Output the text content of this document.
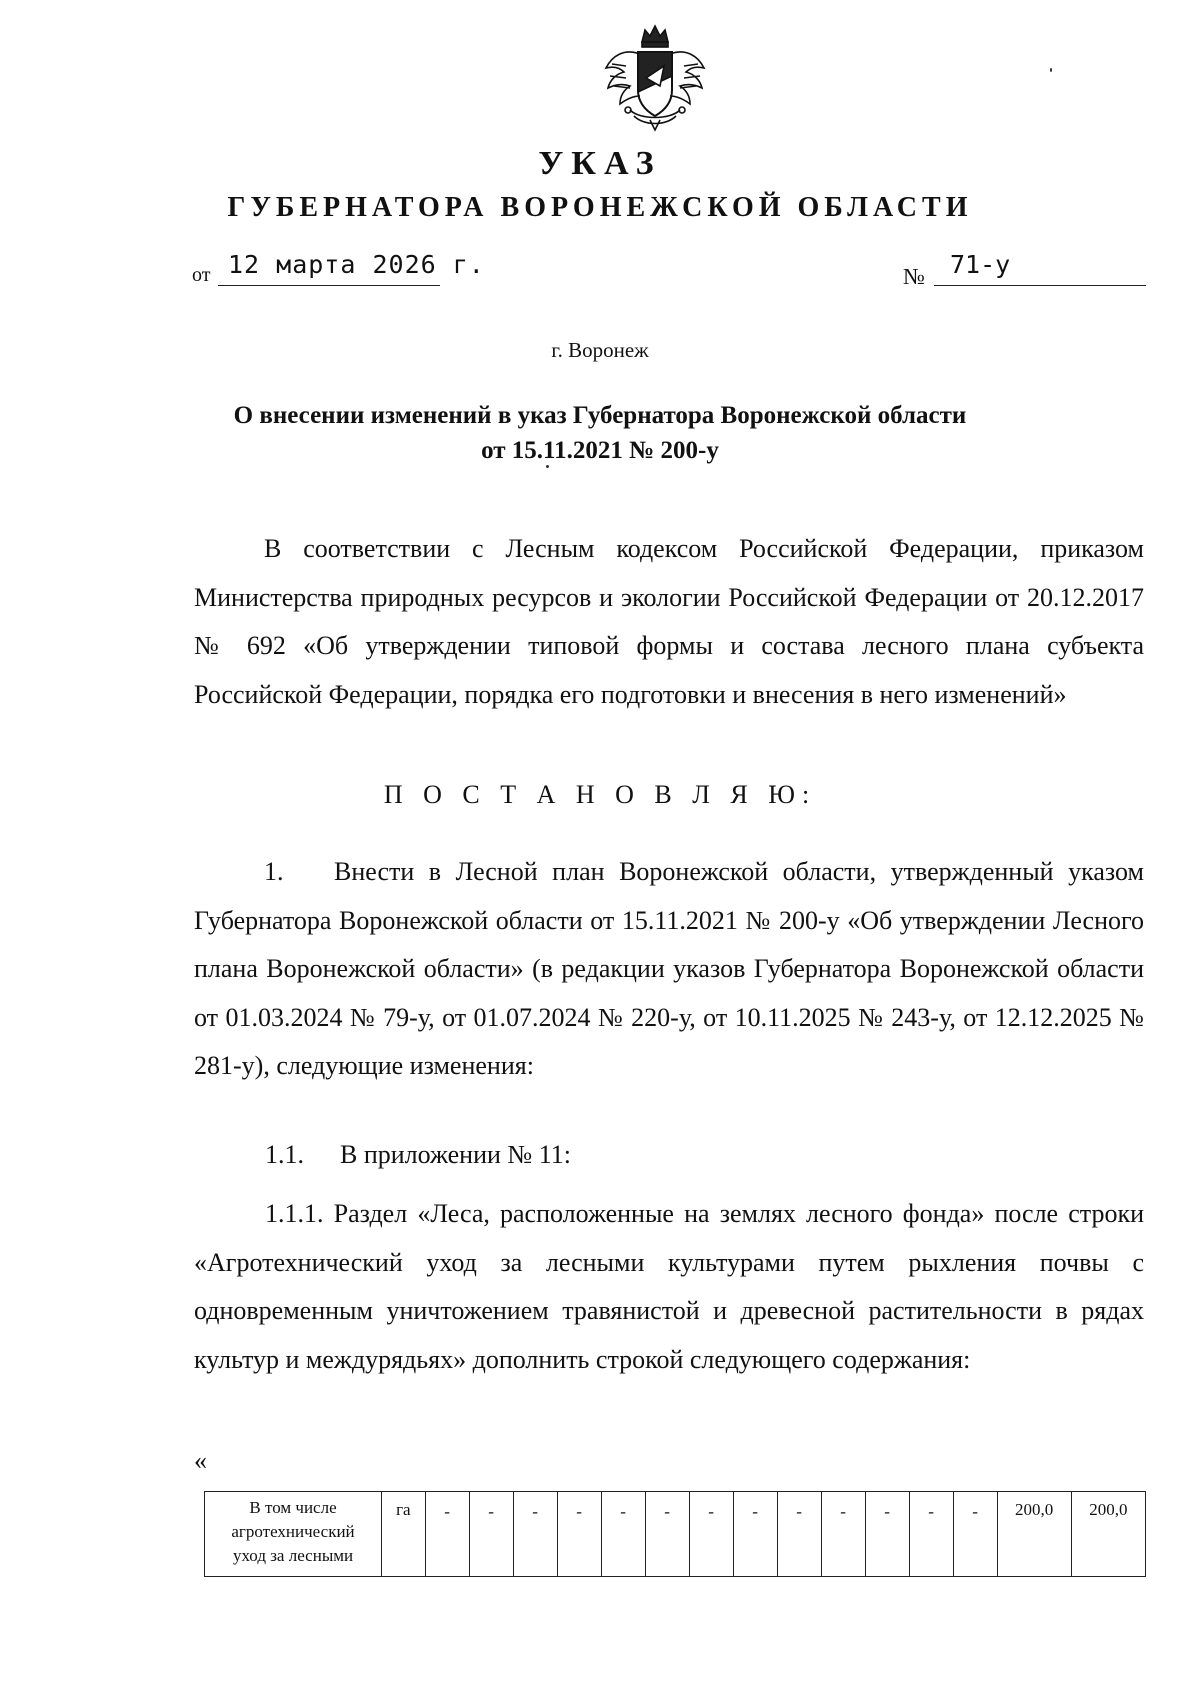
УКАЗ
ГУБЕРНАТОРА ВОРОНЕЖСКОЙ ОБЛАСТИ
от 12 марта 2026 г.	№ 71-у
г. Воронеж
О внесении изменений в указ Губернатора Воронежской области
от 15.11.2021 № 200-у
В соответствии с Лесным кодексом Российской Федерации, приказом Министерства природных ресурсов и экологии Российской Федерации от 20.12.2017 № 692 «Об утверждении типовой формы и состава лесного плана субъекта Российской Федерации, порядка его подготовки и внесения в него изменений»
П О С Т А Н О В Л Я Ю:
1. Внести в Лесной план Воронежской области, утвержденный указом Губернатора Воронежской области от 15.11.2021 № 200-у «Об утверждении Лесного плана Воронежской области» (в редакции указов Губернатора Воронежской области от 01.03.2024 № 79-у, от 01.07.2024 № 220-у, от 10.11.2025 № 243-у, от 12.12.2025 № 281-у), следующие изменения:
1.1. В приложении № 11:
1.1.1. Раздел «Леса, расположенные на землях лесного фонда» после строки «Агротехнический уход за лесными культурами путем рыхления почвы с одновременным уничтожением травянистой и древесной растительности в рядах культур и междурядьях» дополнить строкой следующего содержания:
«
В том числе
агротехнический
уход за лесными
	га	-	-	-	-	-	-	-	-	-	-	-	-	-	200,0	200,0
